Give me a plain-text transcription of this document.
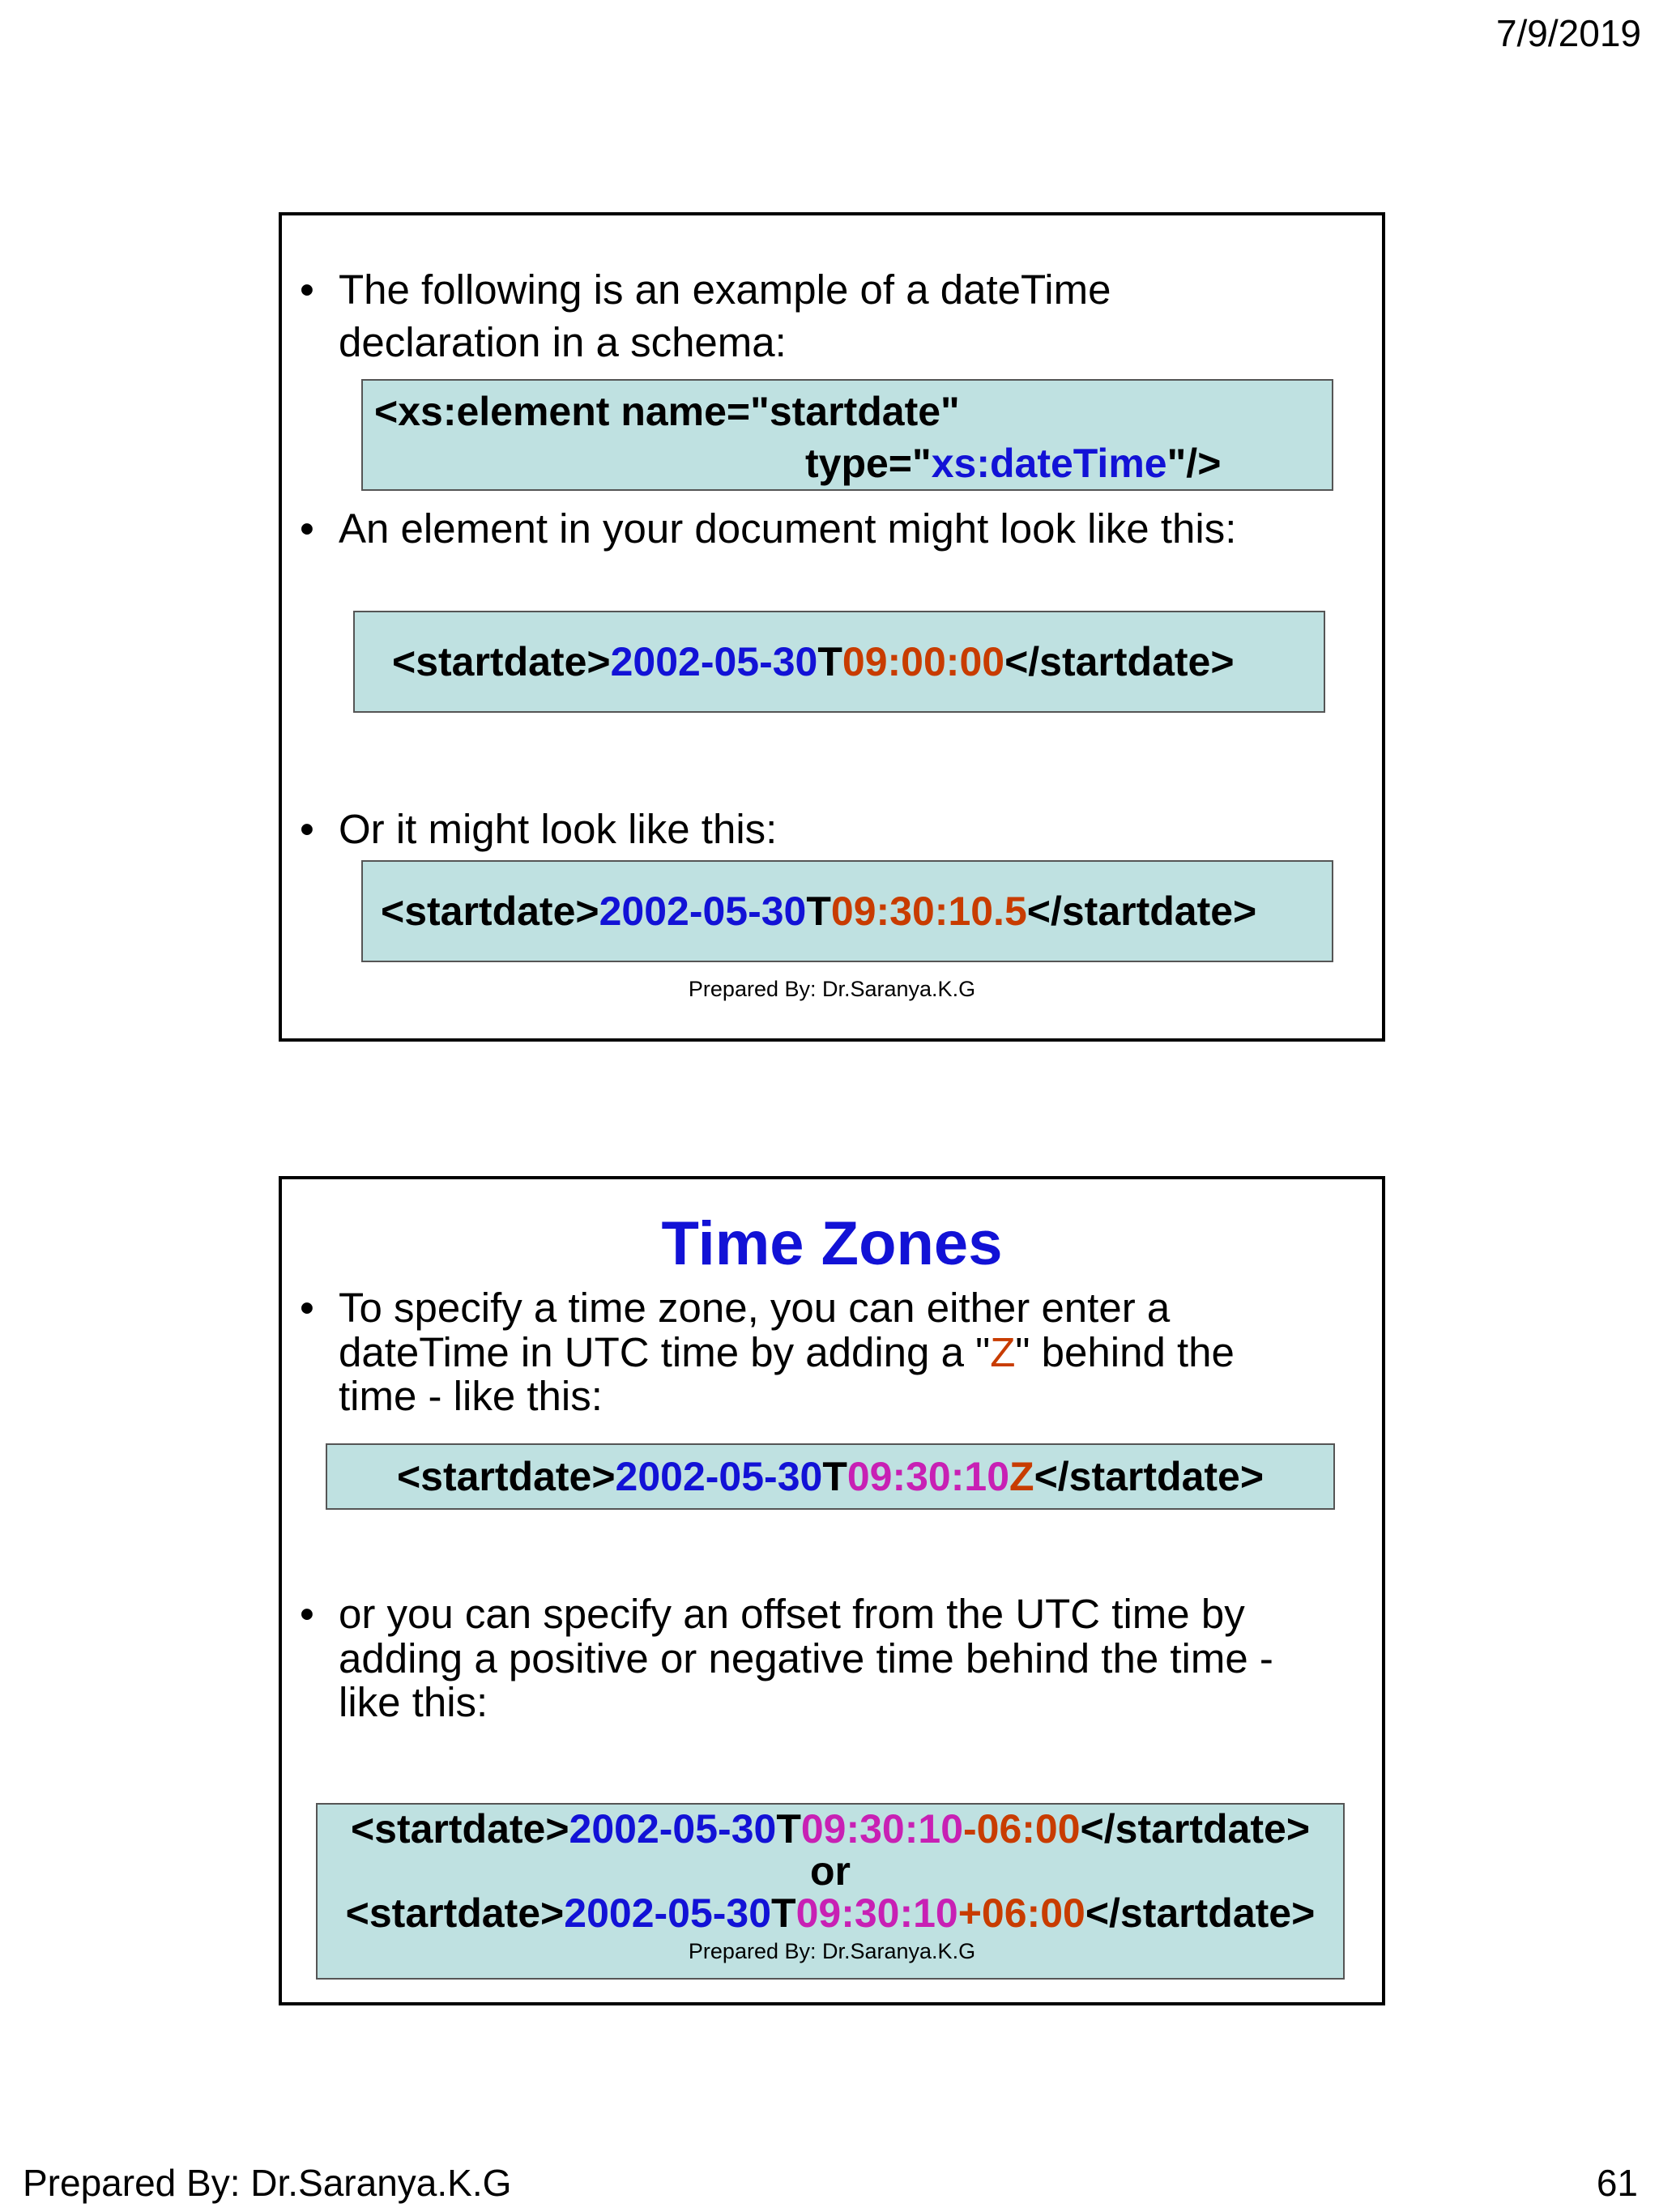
7/9/2019
• The following is an example of a dateTime declaration in a schema:
<xs:element name="startdate"
type="xs:dateTime"/>
• An element in your document might look like this:
<startdate>2002-05-30T09:00:00</startdate>
• Or it might look like this:
<startdate>2002-05-30T09:30:10.5</startdate>
Prepared By: Dr.Saranya.K.G
Time Zones
• To specify a time zone, you can either enter a dateTime in UTC time by adding a "Z" behind the time - like this:
<startdate>2002-05-30T09:30:10Z</startdate>
• or you can specify an offset from the UTC time by adding a positive or negative time behind the time - like this:
<startdate>2002-05-30T09:30:10-06:00</startdate>
or
<startdate>2002-05-30T09:30:10+06:00</startdate>
Prepared By: Dr.Saranya.K.G
Prepared By: Dr.Saranya.K.G	61
